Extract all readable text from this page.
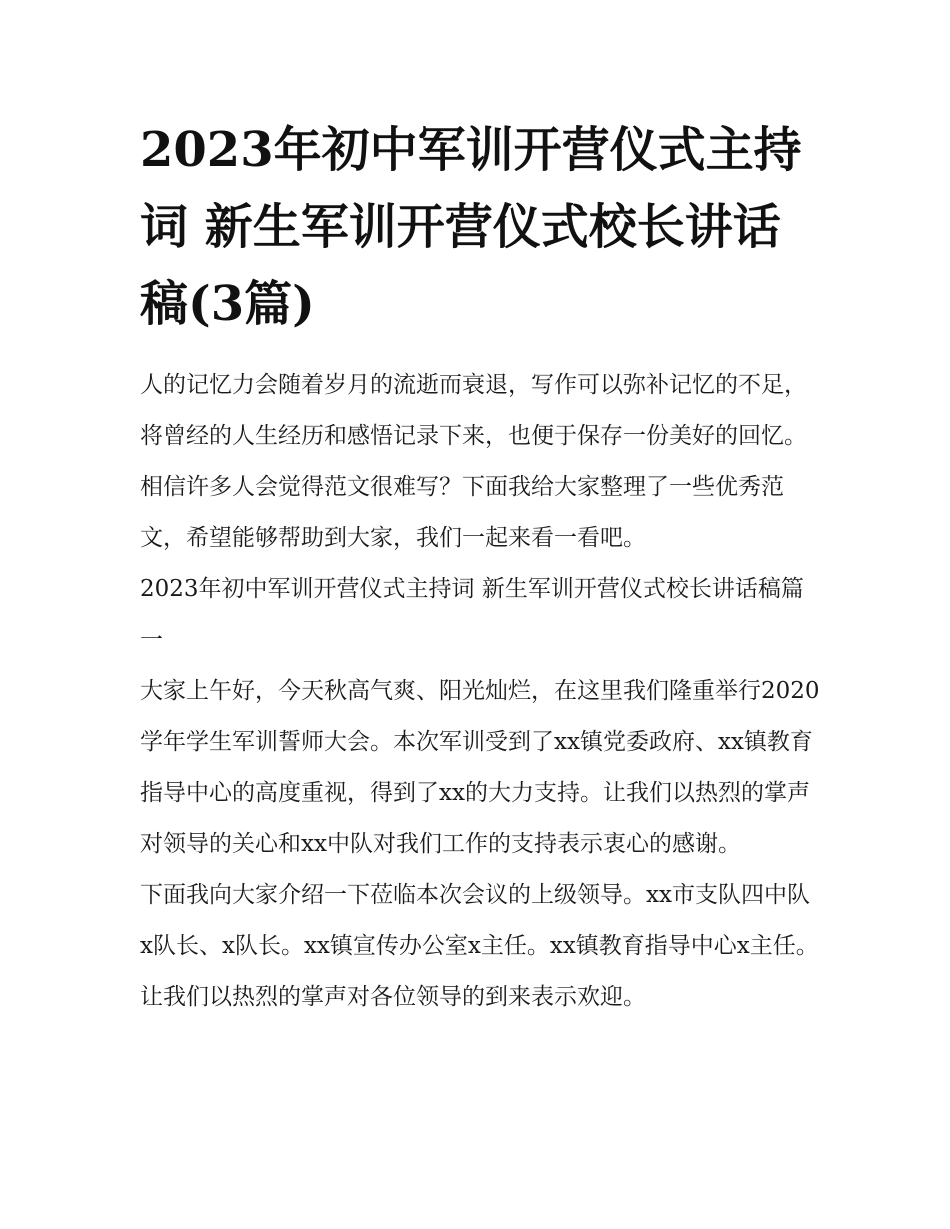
2023年初中军训开营仪式主持词 新生军训开营仪式校长讲话稿(3篇)

人的记忆力会随着岁月的流逝而衰退，写作可以弥补记忆的不足，将曾经的人生经历和感悟记录下来，也便于保存一份美好的回忆。相信许多人会觉得范文很难写？下面我给大家整理了一些优秀范文，希望能够帮助到大家，我们一起来看一看吧。

2023年初中军训开营仪式主持词 新生军训开营仪式校长讲话稿篇一

大家上午好，今天秋高气爽、阳光灿烂，在这里我们隆重举行2020学年学生军训誓师大会。本次军训受到了xx镇党委政府、xx镇教育指导中心的高度重视，得到了xx的大力支持。让我们以热烈的掌声对领导的关心和xx中队对我们工作的支持表示衷心的感谢。

下面我向大家介绍一下莅临本次会议的上级领导。xx市支队四中队x队长、x队长。xx镇宣传办公室x主任。xx镇教育指导中心x主任。让我们以热烈的掌声对各位领导的到来表示欢迎。
